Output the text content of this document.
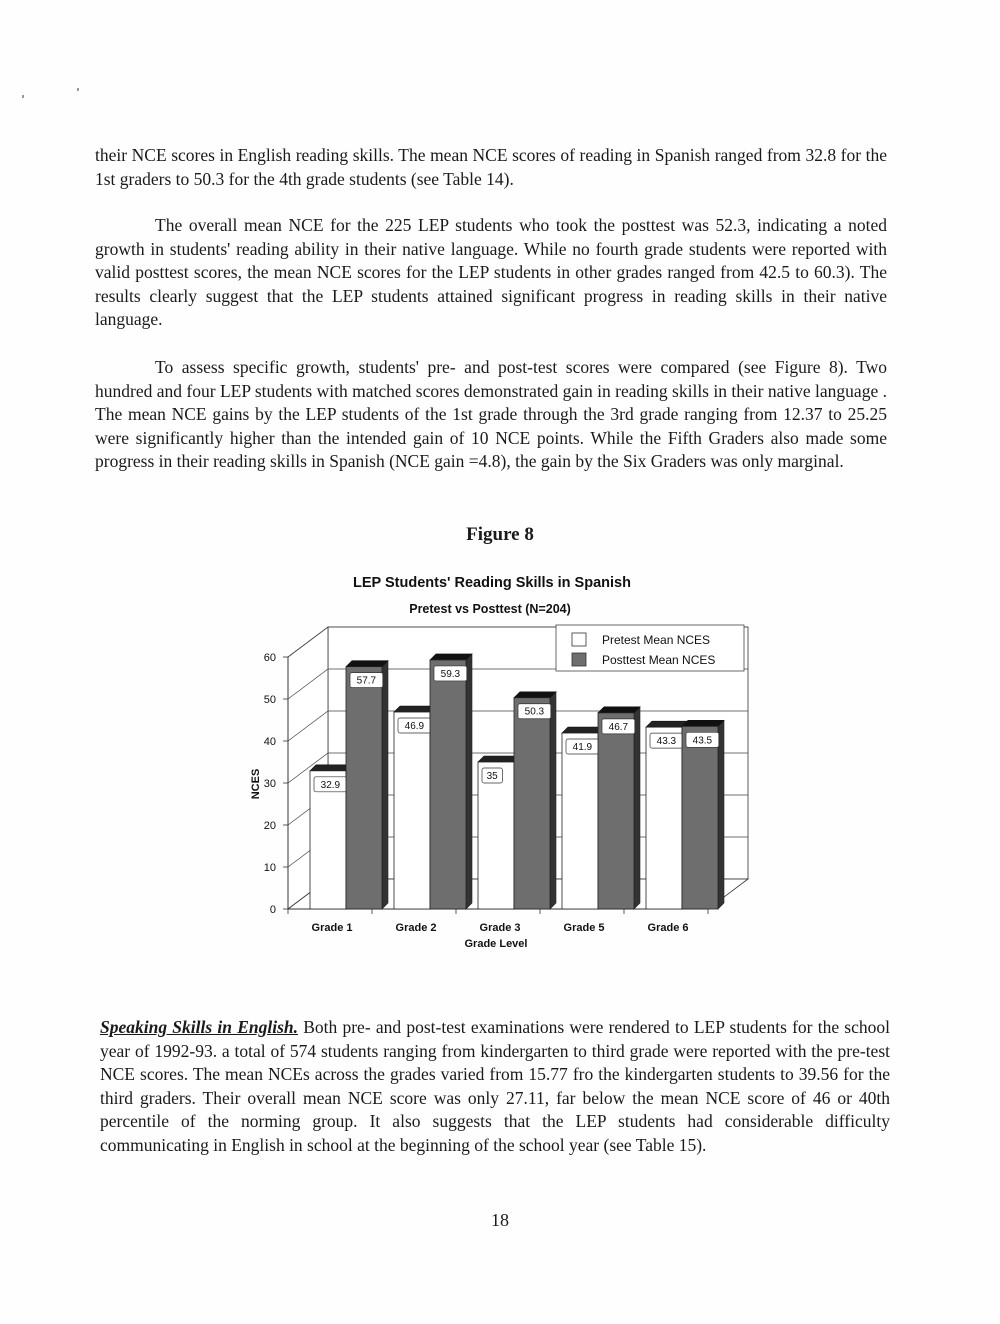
their NCE scores in English reading skills. The mean NCE scores of reading in Spanish ranged from 32.8 for the 1st graders to 50.3 for the 4th grade students (see Table 14).

The overall mean NCE for the 225 LEP students who took the posttest was 52.3, indicating a noted growth in students' reading ability in their native language. While no fourth grade students were reported with valid posttest scores, the mean NCE scores for the LEP students in other grades ranged from 42.5 to 60.3). The results clearly suggest that the LEP students attained significant progress in reading skills in their native language.

To assess specific growth, students' pre- and post-test scores were compared (see Figure 8). Two hundred and four LEP students with matched scores demonstrated gain in reading skills in their native language . The mean NCE gains by the LEP students of the 1st grade through the 3rd grade ranging from 12.37 to 25.25 were significantly higher than the intended gain of 10 NCE points. While the Fifth Graders also made some progress in their reading skills in Spanish (NCE gain =4.8), the gain by the Six Graders was only marginal.

Figure 8
LEP Students' Reading Skills in Spanish
Pretest vs Posttest (N=204)
0
10
20
30
40
50
60
NCES	32.9
57.7
Grade 1
46.9
59.3
Grade 2
35
50.3
Grade 3
41.9
46.7
Grade 5
43.3 43.5
Grade 6
Grade Level
Pretest Mean NCES
Posttest Mean NCES

Speaking Skills in English. Both pre- and post-test examinations were rendered to LEP students for the school year of 1992-93. a total of 574 students ranging from kindergarten to third grade were reported with the pre-test NCE scores. The mean NCEs across the grades varied from 15.77 fro the kindergarten students to 39.56 for the third graders. Their overall mean NCE score was only 27.11, far below the mean NCE score of 46 or 40th percentile of the norming group. It also suggests that the LEP students had considerable difficulty communicating in English in school at the beginning of the school year (see Table 15).

18
